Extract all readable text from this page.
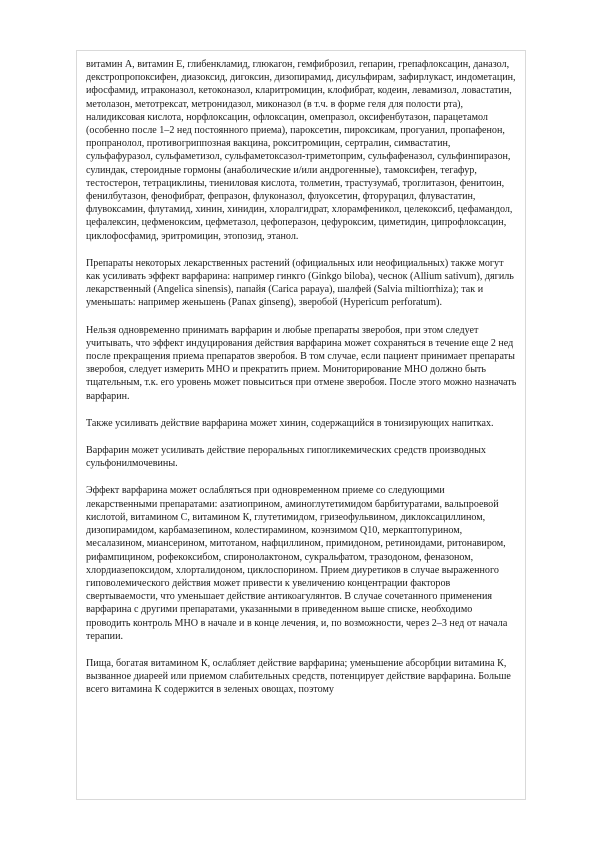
витамин А, витамин Е, глибенкламид, глюкагон, гемфиброзил, гепарин, грепафлоксацин, даназол, декстропропоксифен, диазоксид, дигоксин, дизопирамид, дисульфирам, зафирлукаст, индометацин, ифосфамид, итраконазол, кетоконазол, кларитромицин, клофибрат, кодеин, левамизол, ловастатин, метолазон, метотрексат, метронидазол, миконазол (в т.ч. в форме геля для полости рта), налидиксовая кислота, норфлоксацин, офлоксацин, омепразол, оксифенбутазон, парацетамол (особенно после 1–2 нед постоянного приема), пароксетин, пироксикам, прогуанил, пропафенон, пропранолол, противогриппозная вакцина, рокситромицин, сертралин, симвастатин, сульфафуразол, сульфаметизол, сульфаметоксазол-триметоприм, сульфафеназол, сульфинпиразон, сулиндак, стероидные гормоны (анаболические и/или андрогенные), тамоксифен, тегафур, тестостерон, тетрациклины, тиениловая кислота, толметин, трастузумаб, троглитазон, фенитоин, фенилбутазон, фенофибрат, фепразон, флуконазол, флуоксетин, фторурацил, флувастатин, флувоксамин, флутамид, хинин, хинидин, хлоралгидрат, хлорамфеникол, целекоксиб, цефамандол, цефалексин, цефменоксим, цефметазол, цефоперазон, цефуроксим, циметидин, ципрофлоксацин, циклофосфамид, эритромицин, этопозид, этанол.

Препараты некоторых лекарственных растений (официальных или неофициальных) также могут как усиливать эффект варфарина: например гинкго (Ginkgo biloba), чеснок (Allium sativum), дягиль лекарственный (Angelica sinensis), папайя (Carica papaya), шалфей (Salvia miltiorrhiza); так и уменьшать: например женьшень (Panax ginseng), зверобой (Hypericum perforatum).

Нельзя одновременно принимать варфарин и любые препараты зверобоя, при этом следует учитывать, что эффект индуцирования действия варфарина может сохраняться в течение еще 2 нед после прекращения приема препаратов зверобоя. В том случае, если пациент принимает препараты зверобоя, следует измерить МНО и прекратить прием. Мониторирование МНО должно быть тщательным, т.к. его уровень может повыситься при отмене зверобоя. После этого можно назначать варфарин.

Также усиливать действие варфарина может хинин, содержащийся в тонизирующих напитках.

Варфарин может усиливать действие пероральных гипогликемических средств производных сульфонилмочевины.

Эффект варфарина может ослабляться при одновременном приеме со следующими лекарственными препаратами: азатиоприном, аминоглутетимидом барбитуратами, вальпроевой кислотой, витамином С, витамином К, глутетимидом, гризеофульвином, диклоксациллином, дизопирамидом, карбамазепином, колестирамином, коэнзимом Q10, меркаптопурином, месалазином, миансерином, митотаном, нафциллином, примидоном, ретиноидами, ритонавиром, рифампицином, рофекоксибом, спиронолактоном, сукральфатом, тразодоном, феназоном, хлордиазепоксидом, хлорталидоном, циклоспорином. Прием диуретиков в случае выраженного гиповолемического действия может привести к увеличению концентрации факторов свертываемости, что уменьшает действие антикоагулянтов. В случае сочетанного применения варфарина с другими препаратами, указанными в приведенном выше списке, необходимо проводить контроль МНО в начале и в конце лечения, и, по возможности, через 2–3 нед от начала терапии.

Пища, богатая витамином К, ослабляет действие варфарина; уменьшение абсорбции витамина К, вызванное диареей или приемом слабительных средств, потенцирует действие варфарина. Больше всего витамина К содержится в зеленых овощах, поэтому
